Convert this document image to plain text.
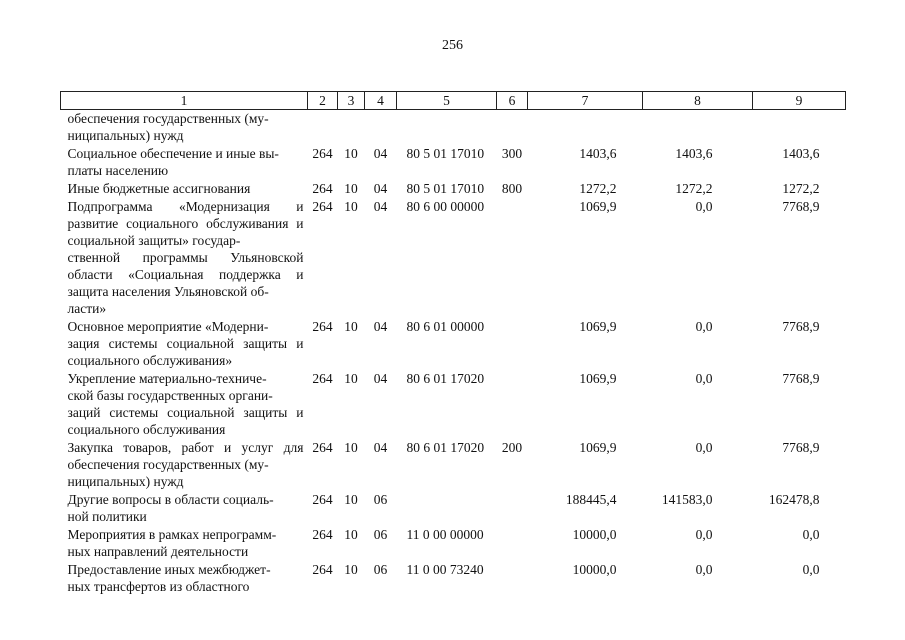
256
1	2	3	4	5	6	7	8	9
обеспечения государственных (му-
ниципальных) нужд								
Социальное обеспечение и иные вы-
платы населению	264	10	04	80 5 01 17010	300	1403,6	1403,6	1403,6
Иные бюджетные ассигнования	264	10	04	80 5 01 17010	800	1272,2	1272,2	1272,2
Подпрограмма «Модернизация и развитие социального обслуживания и социальной защиты» государ-
ственной программы Ульяновской области «Социальная поддержка и защита населения Ульяновской об-
ласти»	264	10	04	80 6 00 00000		1069,9	0,0	7768,9
Основное мероприятие «Модерни-
зация системы социальной защиты и социального обслуживания»	264	10	04	80 6 01 00000		1069,9	0,0	7768,9
Укрепление материально-техниче-
ской базы государственных органи-
заций системы социальной защиты и социального обслуживания	264	10	04	80 6 01 17020		1069,9	0,0	7768,9
Закупка товаров, работ и услуг для обеспечения государственных (му-
ниципальных) нужд	264	10	04	80 6 01 17020	200	1069,9	0,0	7768,9
Другие вопросы в области социаль-
ной политики	264	10	06			188445,4	141583,0	162478,8
Мероприятия в рамках непрограмм-
ных направлений деятельности	264	10	06	11 0 00 00000		10000,0	0,0	0,0
Предоставление иных межбюджет-
ных трансфертов из областного	264	10	06	11 0 00 73240		10000,0	0,0	0,0
